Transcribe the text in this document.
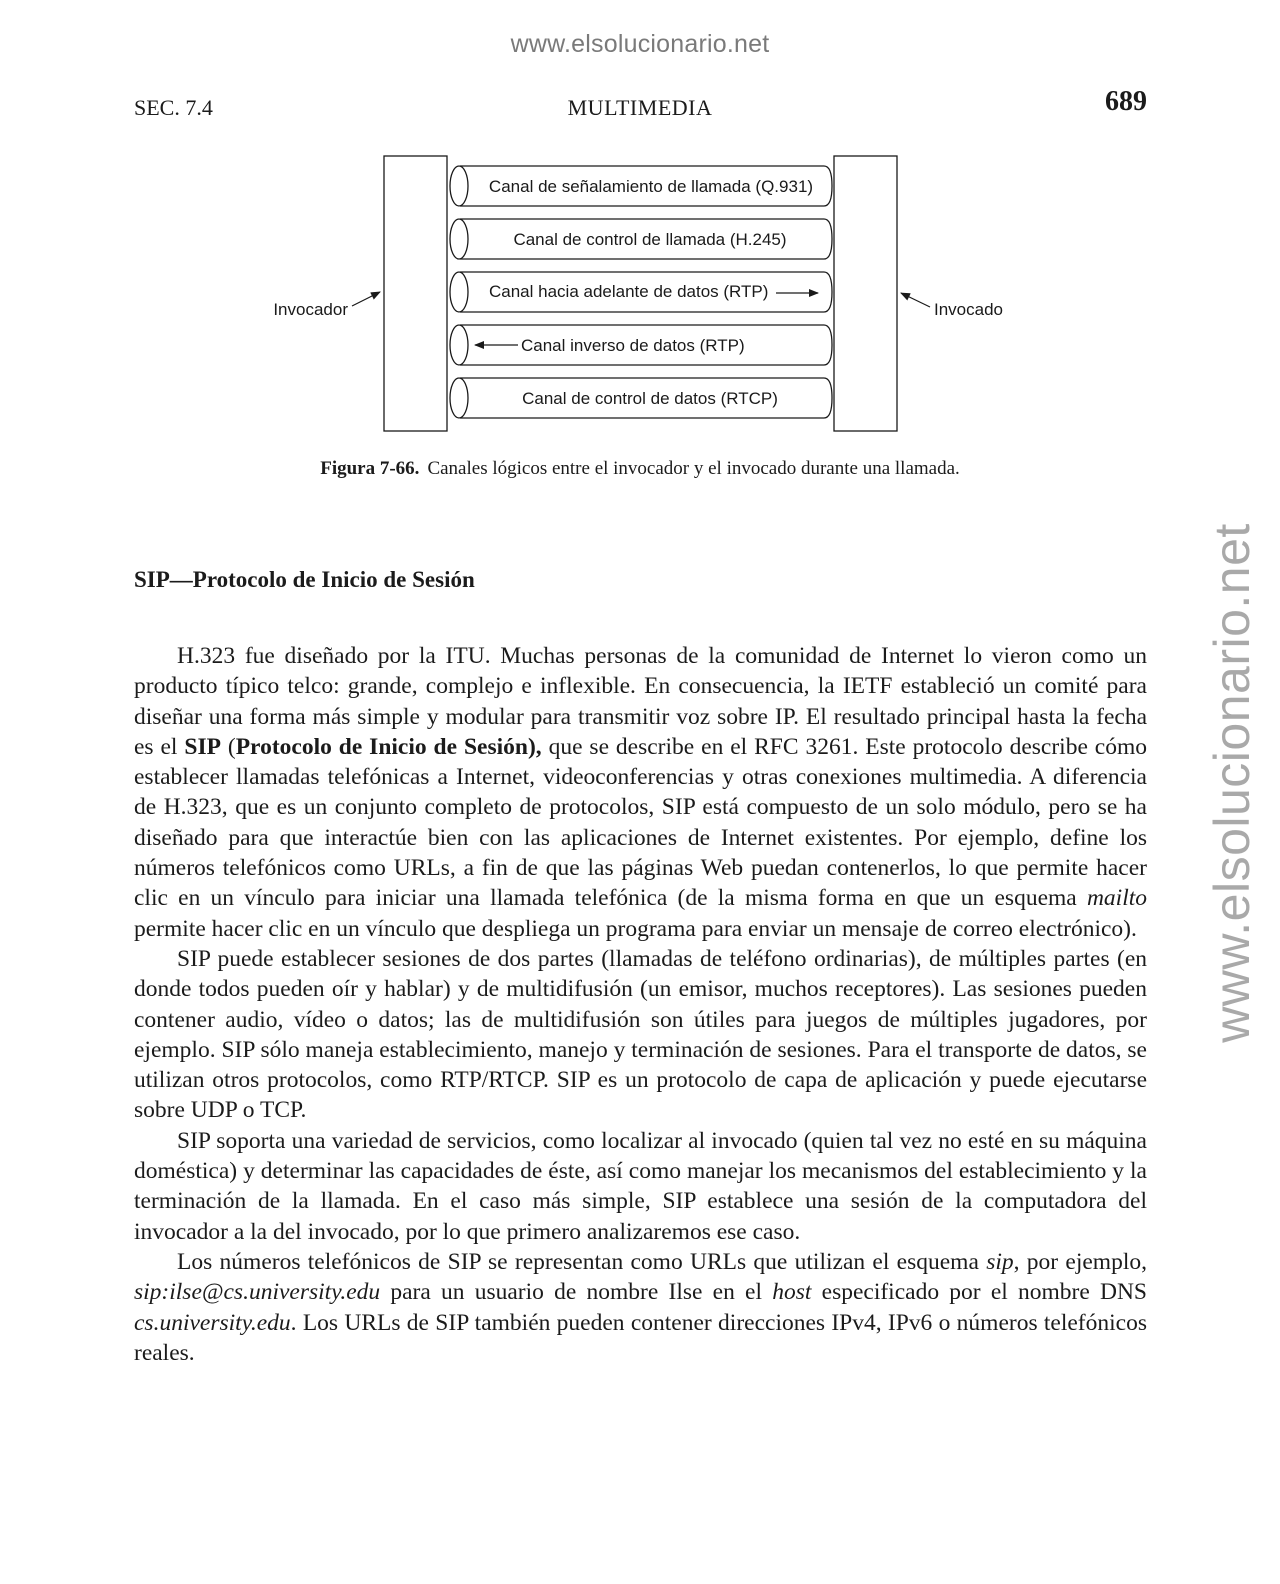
www.elsolucionario.net
www.elsolucionario.net
SEC. 7.4	MULTIMEDIA	689
Canal de señalamiento de llamada (Q.931)
Canal de control de llamada (H.245)
Canal hacia adelante de datos (RTP)
Canal inverso de datos (RTP)
Canal de control de datos (RTCP)
Invocador	Invocado
Figura 7-66. Canales lógicos entre el invocador y el invocado durante una llamada.
SIP—Protocolo de Inicio de Sesión

H.323 fue diseñado por la ITU. Muchas personas de la comunidad de Internet lo vieron como un producto típico telco: grande, complejo e inflexible. En consecuencia, la IETF estableció un comité para diseñar una forma más simple y modular para transmitir voz sobre IP. El resultado principal hasta la fecha es el SIP (Protocolo de Inicio de Sesión), que se describe en el RFC 3261. Este protocolo describe cómo establecer llamadas telefónicas a Internet, videoconferencias y otras conexiones multimedia. A diferencia de H.323, que es un conjunto completo de protocolos, SIP está compuesto de un solo módulo, pero se ha diseñado para que interactúe bien con las aplicaciones de Internet existentes. Por ejemplo, define los números telefónicos como URLs, a fin de que las páginas Web puedan contenerlos, lo que permite hacer clic en un vínculo para iniciar una llamada telefónica (de la misma forma en que un esquema mailto permite hacer clic en un vínculo que despliega un programa para enviar un mensaje de correo electrónico).

SIP puede establecer sesiones de dos partes (llamadas de teléfono ordinarias), de múltiples partes (en donde todos pueden oír y hablar) y de multidifusión (un emisor, muchos receptores). Las sesiones pueden contener audio, vídeo o datos; las de multidifusión son útiles para juegos de múltiples jugadores, por ejemplo. SIP sólo maneja establecimiento, manejo y terminación de sesiones. Para el transporte de datos, se utilizan otros protocolos, como RTP/RTCP. SIP es un protocolo de capa de aplicación y puede ejecutarse sobre UDP o TCP.

SIP soporta una variedad de servicios, como localizar al invocado (quien tal vez no esté en su máquina doméstica) y determinar las capacidades de éste, así como manejar los mecanismos del establecimiento y la terminación de la llamada. En el caso más simple, SIP establece una sesión de la computadora del invocador a la del invocado, por lo que primero analizaremos ese caso.

Los números telefónicos de SIP se representan como URLs que utilizan el esquema sip, por ejemplo, sip:ilse@cs.university.edu para un usuario de nombre Ilse en el host especificado por el nombre DNS cs.university.edu. Los URLs de SIP también pueden contener direcciones IPv4, IPv6 o números telefónicos reales.
